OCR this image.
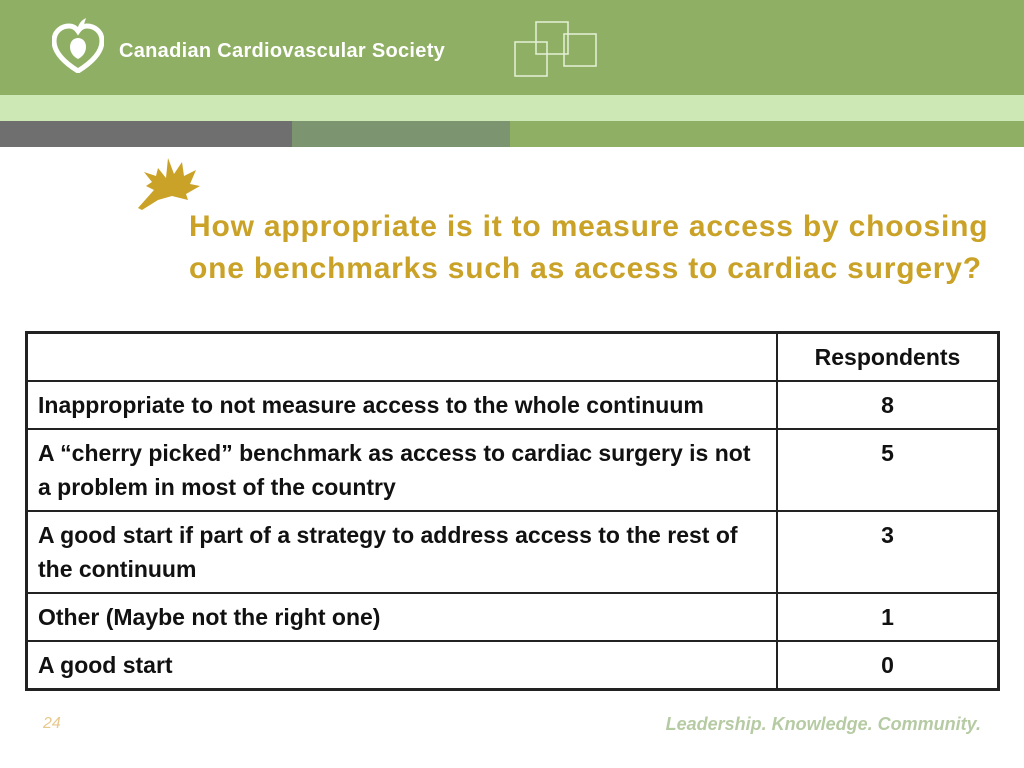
Canadian Cardiovascular Society
How appropriate is it to measure access by choosing one benchmarks such as access to cardiac surgery?
	Respondents
Inappropriate to not measure access to the whole continuum	8
A “cherry picked” benchmark as access to cardiac surgery is not a problem in most of the country	5
A good start if part of a strategy to address access to the rest of the continuum	3
Other (Maybe not the right one)	1
A good start	0
24	Leadership. Knowledge. Community.
